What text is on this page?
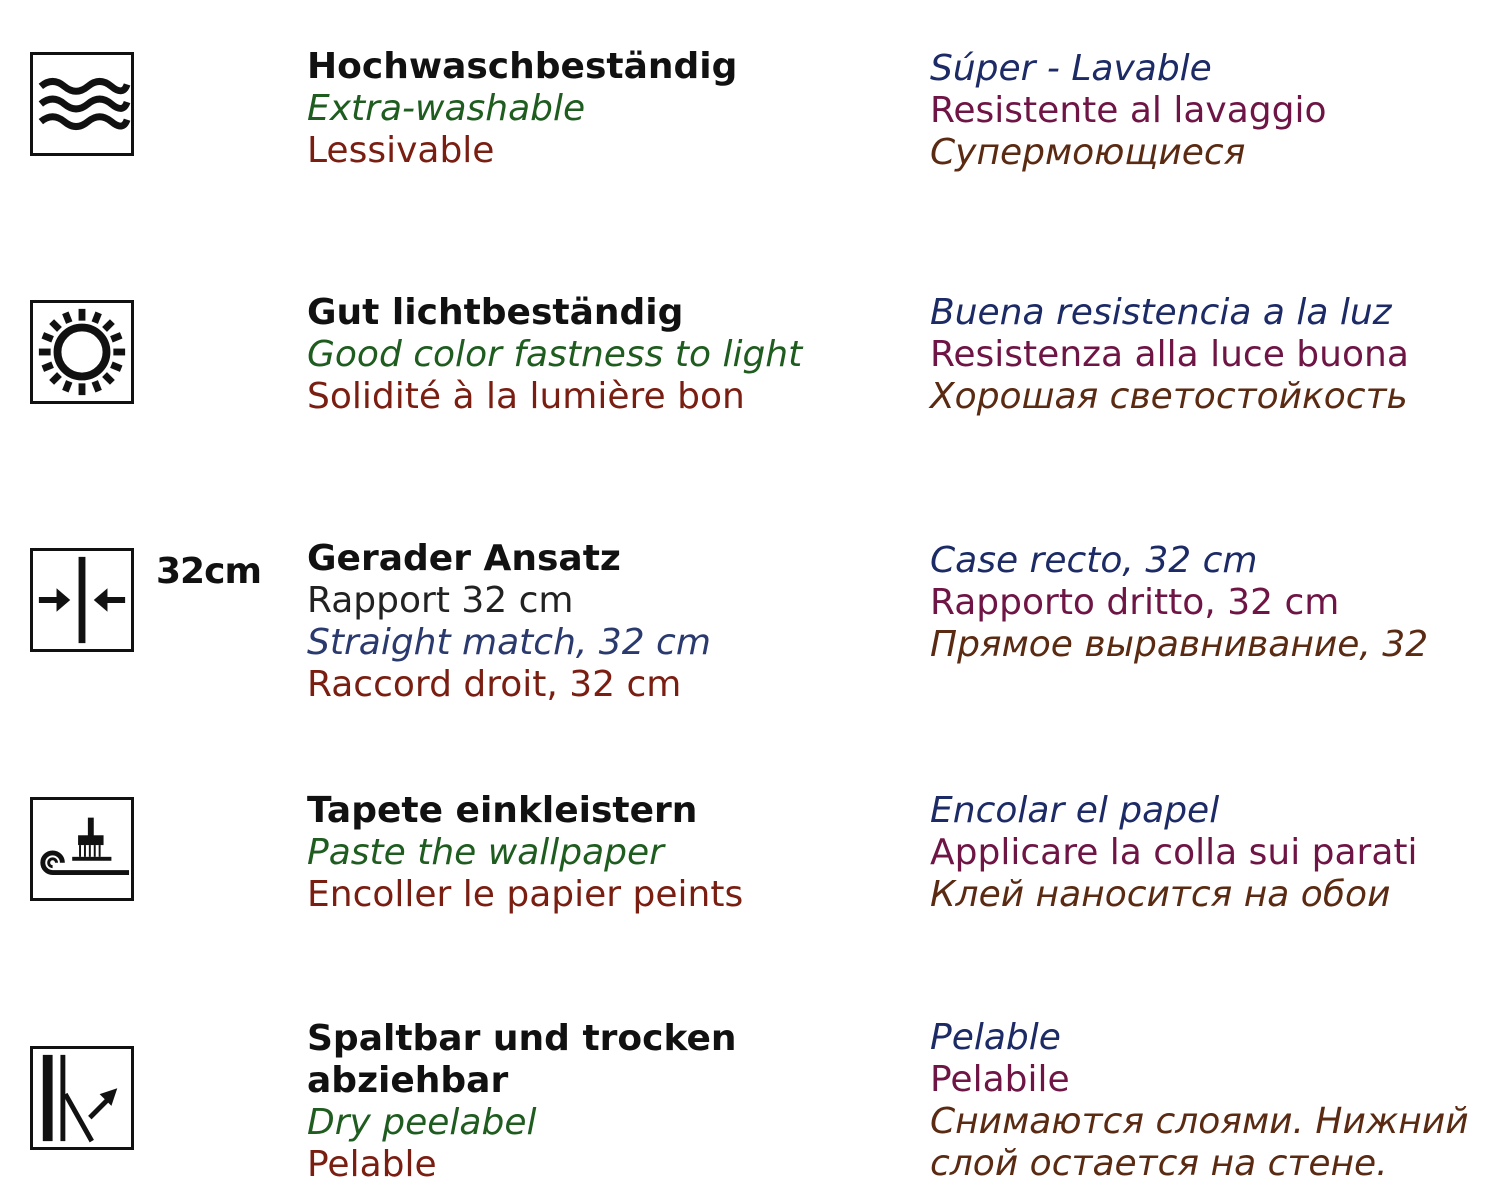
Hochwaschbeständig
Extra-washable
Lessivable
Súper - Lavable
Resistente al lavaggio
Супермоющиеся
Gut lichtbeständig
Good color fastness to light
Solidité à la lumière bon
Buena resistencia a la luz
Resistenza alla luce buona
Хорошая светостойкость
32cm Gerader Ansatz
Rapport 32 cm
Straight match, 32 cm
Raccord droit, 32 cm
Case recto, 32 cm
Rapporto dritto, 32 cm
Прямое выравнивание, 32
Tapete einkleistern
Paste the wallpaper
Encoller le papier peints
Encolar el papel
Applicare la colla sui parati
Клей наносится на обои
Spaltbar und trocken
abziehbar
Dry peelabel
Pelable
Pelable
Pelabile
Снимаются слоями. Нижний
слой остается на стене.
